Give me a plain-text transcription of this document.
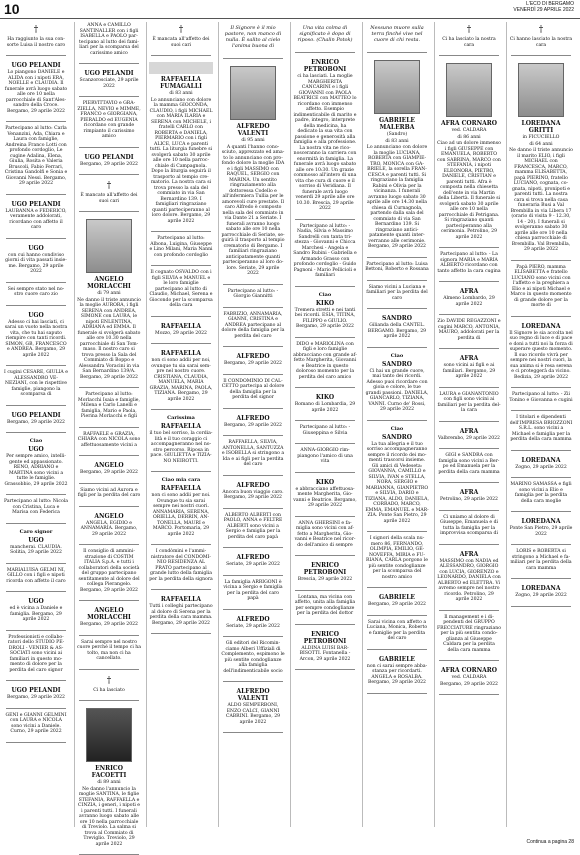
10	L'ECO DI BERGAMO
VENERDÌ 29 APRILE 2022
†
Ha raggiunto la sua consorte Luisa il nostro caro
UGO PELANDI
Lo piangono DANIELE e ALIDA con i nipoti ERA, NOELLE e CLAUDIA. Il funerale avrà luogo sabato alle ore 10 nella parrocchiale di Sant'Alessandro della Croce. Bergamo, 29 aprile 2022
Partecipano al lutto: Carla Venanzini, Ada, Chiara e Laura con famiglie, Andreina Franco Lotti con profondo cordoglio, Le cugine Adalina, Elena, Giulia, Rosita e Valeria Bruscoli, Fabio Ferrari, Cristina Gandolfi e Sonia e Giovanni Nessi. Bergamo, 29 aprile 2022
UGO PELANDI
LAUBANNA e FEDERICO, veramente addolorati, ricordano con affetto il caro
UGO
con cui hanno condiviso giorni di vita passati insieme. Bergamo, 29 aprile 2022
Sei sempre stato nel nostro cuore caro zio
UGO
Adesso ci hai lasciati, ci sarai un vuoto nella nostra vita, che tu hai saputo riempire con tanti ricordi. SIMON, GB, FRANCESCO e ANDREA. Bergamo, 29 aprile 2022
I cugini CESARE, GIULIA e ALESSANDRO VENEZIANI, con le rispettive famiglie, piangono la scomparsa di
UGO PELANDI
Bergamo, 29 aprile 2022
Ciao
UGO
Per sempre amico, intelligente ed appassionato. RENO, ADRIANO e MARTINA sono vicini a tutte le famiglie. Grassobbio, 29 aprile 2022
Partecipano al lutto: Nicola con Cristina, Luca e Marisa con Federica
Caro signor
UGO
mancherai. CLAUDIA. Solitia, 29 aprile 2022
MARIALUISA GELMI NI, GILLO con i figli e nipoti ricorda con affetto il caro
UGO
ed è vicina a Daniele e famiglia. Bergamo, 29 aprile 2022
Professionisti e collaboratori dello STUDIO PEDROLI - VENIER & ASSOCIATI sono vicini ai familiari in questo momento di dolore per la perdita del caro signor
UGO PELANDI
Bergamo, 29 aprile 2022
GENI e GIANNI GELMINI con LAURA e NICOLA sono vicini a Daniele. Curno, 29 aprile 2022
ANNA e CAMILLO SANTINALLER con i figli ISABELLA e PAOLO partecipano al lutto dei familiari per la scomparsa del carissimo amico
UGO PELANDI
Scanzorosciate, 29 aprile 2022
PIERVITTAVIO e GRAZIELLA, NEVIO e MIMME, FRANCO e GIORGIANA, PIERALDO ed EUGENIA ricordano con grande rimpianto il carissimo amico
UGO PELANDI
Bergamo, 29 aprile 2022
†
È mancato all'affetto dei suoi cari
ANGELO MORLACCHI
di 79 anni
Ne danno il triste annuncio la moglie AURORA, i figli SERENA con ANDREA, SIMONE con LAURA, le nipoti ENLENTINA, ADRIANA ed EMMA. Il funerale si svolgerà sabato alle ore 10.30 nella parrocchiale di San Tommaso. Il nostro caro si trova presso la Sala del Commiato di Boppo e Alessandra Voracini in via San Bernardino 139/A. Bergamo, 29 aprile 2022
Partecipano al lutto: Morlacchi Isaia e famiglie, Milena e Carlo Lanelli e famiglia, Mario e Paola, Pierina Morlacchi e figli
RAFFAELE e GRAZIA, CHIARA con NICOLA sono affettuosamente vicini a
ANGELO
Bergamo, 29 aprile 2022
Siamo vicini ad Aurora e figli per la perdita del caro
ANGELO
ANGELA, EGIDIO e ANNAMARIA. Bergamo, 29 aprile 2022
Il consiglio di amministrazione di COSTIM ITALIA S.p.A. e tutti i collaboratori della società del gruppo partecipano sentitamente al dolore del collega Pierangelo. Bergamo, 29 aprile 2022
ANGELO MORLACCHI
Bergamo, 29 aprile 2022
Sarai sempre nel nostro cuore perché il tempo ci ha tolto, ma non ci ha cancellato.
†
Ci ha lasciato
ENRICO FACOETTI
di 89 anni
Ne danno l'annuncio la moglie SANTINA, le figlie STEFANIA, RAFFAELLA e CINZIA, i generi, i nipoti e i parenti tutti. I funerali avranno luogo sabato alle ore 10 nella parrocchiale di Treviolo. La salma si trova al Commiato di Treviglio. Treviolo, 29 aprile 2022
†
È mancata all'affetto dei suoi cari
RAFFAELLA FUMAGALLI
di 83 anni
Lo annunciano con dolore la mamma GIOCONDA, CLAUDIO, i figli MICHAEL con MARIA ILARIA e SERENA con MICHELE, i fratelli CARLO con ROBERTA e DANIELA, PIERMARIO con i figli ALICE, LUCA e parenti tutti. La liturgia funebre si svolgerà sabato 30 aprile alle ore 10 nella parrocchiale di Campagnola. Dopo la liturgia seguirà il trasporto al tempio crematorio. La nostra cara si trova presso la sala del commiato in via San Bernardino 139. I famigliari ringraziano quanti parteciperanno al loro dolore. Bergamo, 29 aprile 2022
Partecipano al lutto: Albona, Luigina, Giuseppe e Lino Milani, Maria Nanni con profondo cordoglio
Il cognato OSVALDO con i figli SILVIA e MANUEL e le loro famiglie partecipano al lutto di Claudio, Michael, Serena e Giocondo per la scomparsa della cara
RAFFAELLA
Mozzo, 29 aprile 2022
RAFFAELLA
non ci sono addii per noi, ovunque tu sia sarai sempre nel nostro cuore. CRISTIANA, CLAUDIA, MANUELA, MARIA GRAZIA, MARINA, PAOLA, TIZIANA. Bergamo, 29 aprile 2022
Carissima
RAFFAELLA
il tuo bel sorriso, la cordialità e il tuo coraggio ci accompagneranno nel nostro percorso. Riposa in pace. GIULIETTA e TIZIANO NEIROTTI.
Ciao mia cara
RAFFAELLA
non ci sono addii per noi. Ovunque tu sia sarai sempre nei nostri cuori. ANNAMARIA, SERENA, ORIELLA, DERRIN, ANTONELLA, MAURI e MARCO. Portomaria, 29 aprile 2022
I condòmini e l'amministratore del CONDOMINIO RESIDENZA AL PRATO partecipano al grande lutto della famiglia per la perdita della signora
RAFFAELLA
Tutti i colleghi partecipano al dolore di Serena per la perdita della cara mamma. Bergamo, 29 aprile 2022
Il Signore è il mio pastore, non manco di nulla. È salito al cielo l'anima buona di
ALFREDO VALENTI
di 95 anni
A quanti l'hanno conosciuto, apprezzato ed amato lo annunciano con profondo dolore la moglie IDA e i figli MASSIMO con RAQUEL, SERGIO con MARINA. Un sentito ringraziamento alla dottoressa Codello e all'infermiera Tullia per le amorevoli cure prestate. Il caro Alfredo è composto nella sala del commiato in via Dante 21 a Seriate. I funerali avranno luogo sabato alle ore 10 nella parrocchiale di Seriate, seguirà il trasporto al tempio crematorio di Bergamo. I familiari ringraziano anticipatamente quanti parteciperanno al loro dolore. Seriate, 29 aprile 2022
Partecipano al lutto: - Giorgio Giannitti
FABRIZIO, ANNAMARIA, GIANNI, CRISTINA e ANDREA partecipano al dolore della famiglia per la perdita del caro
ALFREDO
Bergamo, 29 aprile 2022
Il CONDOMINIO DI CALCETTO partecipa al dolore della famiglia per la perdita del signor
ALFREDO
Bergamo, 29 aprile 2022
RAFFAELLA, SILVIA, ANTONELLA, SANTUZZA e ISOBELLA si stringono a Ida e ai figli per la perdita del caro
ALFREDO
Ancora buon viaggio caro. Bergamo, 29 aprile 2022
ALBERTO ALBERTI con PAOLO, ANNA e FELTRE ALBERTI sono vicini a Sergio e famiglia per la perdita del caro papà
ALFREDO
Seriate, 29 aprile 2022
La famiglia ARRIGONI è vicina a Sergio e famiglia per la perdita del caro papà
ALFREDO
Seriate, 29 aprile 2022
Gli editori del Ricominciamo Alberi Uffiziali di Complemento, espimono le più sentite condoglianze alla famiglia dell'indimenticabile socio
ALFREDO VALENTI
ALDO SEMPERBONI, ENZO CALCI, GIANNI CABRINI. Bergamo, 29 aprile 2022
Una vita colma di significato è dopo di riposo. (Chalin Potok)
ENRICO PETROBONI
ci ha lasciati. La moglie MARGHERITA CANCARINI e i figli GIOVANNI con PAOLA BEATRICE con MATTEO lo ricordano con immenso affetto. Esempio indimenticabile di marito e padre, integro, interprete della medicina, ha dedicato la sua vita con passione e generosità alla famiglia e alla professione. La nostra vita ne riconosceranno la carriera con enormità in famiglia. La funerale avrà luogo sabato alle ore 10:30. Un grazie commosso all'intero di una vita che cura di cuore e il sorriso di Veridiana. Il funerale avrà luogo venerdì 29 aprile alle ore 10.30. Brescia, 29 aprile 2022
Partecipano al lutto: - Nadia, Silvia e Massimo Sandrelli con tanta tristezza - Giovanni e Chicca Marchesi - Angela e Sandro Rubini - Gabriella e Armando Grasso con profondo cordoglio - Guido Pagnoni - Mario Pellicioli e familiari
Ciao
KIKO
Tremera stretti e nei tanti bei ricordi. ESIA, TITINA, FILIPPO e GIULIO. Bergamo, 29 aprile 2022
DIDO e MARIOLINA con figli e loro famiglie abbracciano con grande affetto Margherita, Giovanni e Beatrice in questo doloroso momento per la perdita del caro amico
KIKO
Romano di Lombardia, 29 aprile 2022
Partecipano al lutto: - Giuseppina e Silvia
ANNA-GIORGIO rimpiangono l'amico di una vita
KIKO
e abbracciano affettuosamente Margherita, Giovanni e Beatrice. Bergamo, 29 aprile 2022
ANNA GHERSINI e famiglia sono vicini con affetto a Margherita, Giovanni e Beatrice nel ricordo dell'amico di sempre
ENRICO PETROBONI
Brescia, 29 aprile 2022
Lontana, ma vicina con affetto, unita alla famiglia per sempre condoglianze per la perdita del dottor
ENRICO PETROBONI
ALDINA LUISI BARBISOTTI. Fontanella - Arcon, 29 aprile 2022
Nessuno muore sulla terra finché vive nel cuore di chi resta.
GABRIELE MALERBA
(Sandro)
di 83 anni
Lo annunciano con dolore la moglie LUCIANA, ROBERTA con GIAMPIETRO, MONICA con GABRIELE, la sorella FRANCESCA e parenti tutti. Si ringraziano la famiglia Rabini e Olivia per la vicinanza. I funerali avranno luogo sabato 30 aprile alle ore 14.30 nella chiesa di Curnagnola, partendo dalla sala del commiato di via San Bernardino 139. Si ringraziano anticipatamente quanti interverranno alle cerimonie. Bergamo, 29 aprile 2022
Partecipano al lutto: Luisa Bettoni, Roberto e Rossana
Siamo vicini a Luciana e familiari per la perdita del caro
SANDRO
Gilianda della CANTEL. BERGAMO. Bergamo, 29 aprile 2022
Ciao
SANDRO
Ci hai un grande cuore, mai tanto dei ricordi. Adesso puoi ricordare con gioia e colore, le tue grandi passioni. DANIELA, GIANCARLO, TIZIANA, VANNI. Curno de' Rossi, 29 aprile 2022
Ciao
SANDRO
La tua allegria e il tuo sorriso accompagneranno sempre il ricordo dei momenti trascorsi insieme. Gli amici di Vedeseta: GIOVANNA, CAMILLO e SILVIA, IVAN e STELLA, NORA, SERGIO e MARIANNA, GIANPIETRO e SILVIA, DARIO e TIZIANA, ALDO, DANIELA, CORRADO, MARCO, EMMA, EMANUEL e MARZIA. Ponte San Pietro, 29 aprile 2022
I signori della scala numero 86, FERNANDO, OLIMPIA, EMILIO, GENOVEFFA, MIRIA e FURIANA, CARLA porgono le più sentite condoglianze per la scomparsa del nostro amico
GABRIELE
Bergamo, 29 aprile 2022
Sarai vicina con affetto a Luciana, Monica, Roberto e famiglie per la perdita del caro
GABRIELE
non ci sarai sempre abbastanza per ricordarti. ANGELA e ROSALBA. Bergamo, 29 aprile 2022
†
Ci ha lasciato la nostra cara
AFRA CORNARO
ved. CALDARA
di 86 anni
Ciao ad un dolore immenso i figli GIUSEPPE con EMANUELA, ROBERTO con SABRINA, MARCO con STEFANIA, i nipoti ELEONORA, PIETRO, DANIELE, CRISTIAN e parenti tutti. Afra è composta nella chiesetta dell'ente in via Martin della Libertà. Il funerale si svolgerà sabato 30 aprile alle ore 10 nella parrocchiale di Petrigana. Si ringraziano quanti parteciperanno alla cerimonia. Petrolino, 29 aprile 2022
Partecipano al lutto: - La signora MARIA e MARIA ALBERTO ricordano con tanto affetto la cara cugina
AFRA
Almeno Lombardo, 29 aprile 2022
Zio DAVIDE REGAZZONI e cugini MARCO, ANTONIA, MAURO, addolorati per la perdita di
AFRA
sono vicini ai figli e ai familiari. Bergamo, 29 aprile 2022
LAURA e GIANANTONIO con figli sono vicini ai familiari per la perdita della cara
AFRA
Valbrembo, 29 aprile 2022
GIGI e SANDRA con famiglia sono vicini a Berpo ed Emanuela per la perdita della cara mamma
AFRA
Petrolino, 29 aprile 2022
Ci uniamo al dolore di Giuseppe, Emanuela e di tutta la famiglia per la improvvisa scomparsa di
AFRA
MASSIMO con NADIA ed ALESSANDRO, GIORGIO con LUCIA, GIORENZO e LEONARDO, DANIELA con ALBERTO ed ELETTRA. Vi avremo sempre nel nostro ricordo. Petrolino, 29 aprile 2022
Il management e i dipendenti del GRUPPO FRECCIATURE ringraziano per la più sentita condoglianza al Giuseppe Caldara per la perdita della cara mamma
AFRA CORNARO
ved. CALDARA
Bergamo, 29 aprile 2022
†
Ci hanno lasciato la nostra cara
LOREDANA GRITTI
in FICUCIELLO
di 64 anni
Ne danno il triste annuncio il marito ELIO, i figli MICHAEL con FRANCESCA, MARCO, mamma ELISABETTA, papà PIERINO, fratello LUCIANO, cognata, cognata, nipoti, pronipoti e parenti tutti. La nostra cara si trova nella casa funeraria Busi a Val Brembilla in via Libera 17 (orario di visita 9 - 12.30, 14 - 20). I funerali si svolgeranno sabato 30 aprile alle ore 10 nella chiesa parrocchiale di Brembilla. Val Brembilla, 29 aprile 2022
Papà PIERO, mamma ELISABETTA e fratello LUCIANO sono vicini con l'affetto e la preghiera a Elio e ai nipoti Michael e Marco in questo momento di grande dolore per la morte di
LOREDANA
Il Signore le sia accolta nel suo regno di luce e di pace e doni a tutti noi la forza di superare questo momento. Il suo ricordo vivrà per sempre nei nostri cuori, la sua anima si è resa serena e ci proteggerà da vicino. Bedizia, 29 aprile 2022
Partecipano al lutto: - Zii Tonino e Giovanna e cugini
I titolari e dipendenti dell'IMPRESA BRIOZZONI S.R.L. sono vicini a Michael e famiglia per la perdita della cara mamma
LOREDANA
Zogno, 29 aprile 2022
MARINO SAMASSA e figli sono vicini a Elio e famiglia per la perdita della cara moglie
LOREDANA
Ponte San Pietro, 29 aprile 2022
LORIS e ROBERTA si stringono a Michael e familiari per la perdita della cara mamma
LOREDANA
Zogno, 29 aprile 2022
Continua a pagina 28
